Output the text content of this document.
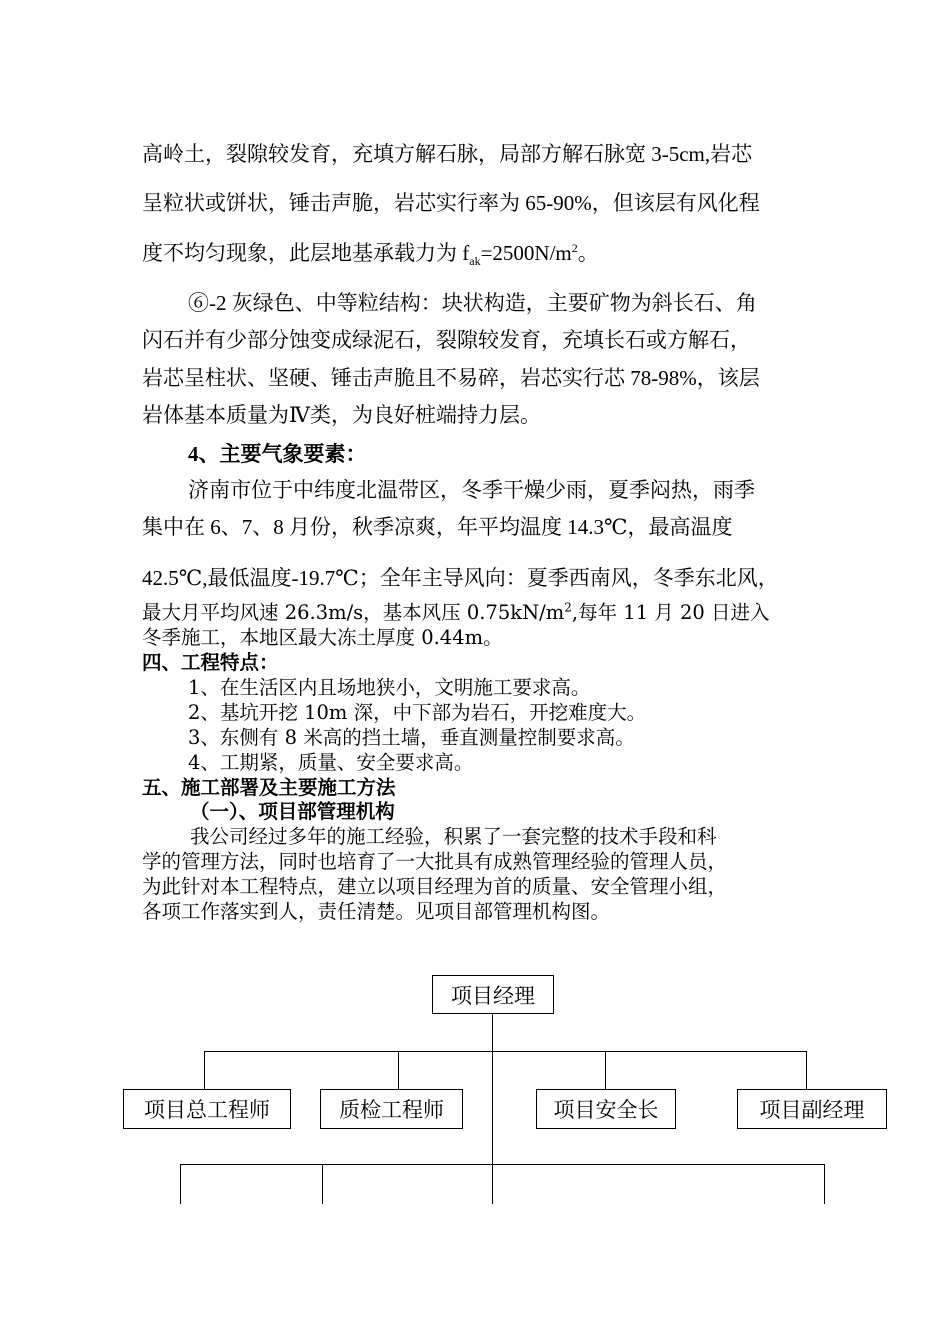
高岭土，裂隙较发育，充填方解石脉，局部方解石脉宽 3-5cm,岩芯
呈粒状或饼状，锤击声脆，岩芯实行率为 65-90%，但该层有风化程
度不均匀现象，此层地基承载力为 $f_{ak}=2500N/m^2$。
⑥-2 灰绿色、中等粒结构：块状构造，主要矿物为斜长石、角
闪石并有少部分蚀变成绿泥石，裂隙较发育，充填长石或方解石，
岩芯呈柱状、坚硬、锤击声脆且不易碎，岩芯实行芯 78-98%，该层
岩体基本质量为Ⅳ类，为良好桩端持力层。
4、主要气象要素：
济南市位于中纬度北温带区，冬季干燥少雨，夏季闷热，雨季
集中在 6、7、8 月份，秋季凉爽，年平均温度 14.3℃，最高温度
42.5℃,最低温度-19.7℃；全年主导风向：夏季西南风，冬季东北风，
最大月平均风速 26.3m/s，基本风压 $0.75kN/m^2$,每年 11 月 20 日进入
冬季施工，本地区最大冻土厚度 0.44m。
四、工程特点：
1、在生活区内且场地狭小，文明施工要求高。
2、基坑开挖 10m 深，中下部为岩石，开挖难度大。
3、东侧有 8 米高的挡土墙，垂直测量控制要求高。
4、工期紧，质量、安全要求高。
五、施工部署及主要施工方法
（一）、项目部管理机构
我公司经过多年的施工经验，积累了一套完整的技术手段和科
学的管理方法，同时也培育了一大批具有成熟管理经验的管理人员，
为此针对本工程特点，建立以项目经理为首的质量、安全管理小组，
各项工作落实到人，责任清楚。见项目部管理机构图。
项目经理
项目总工程师	质检工程师	项目安全长	项目副经理
